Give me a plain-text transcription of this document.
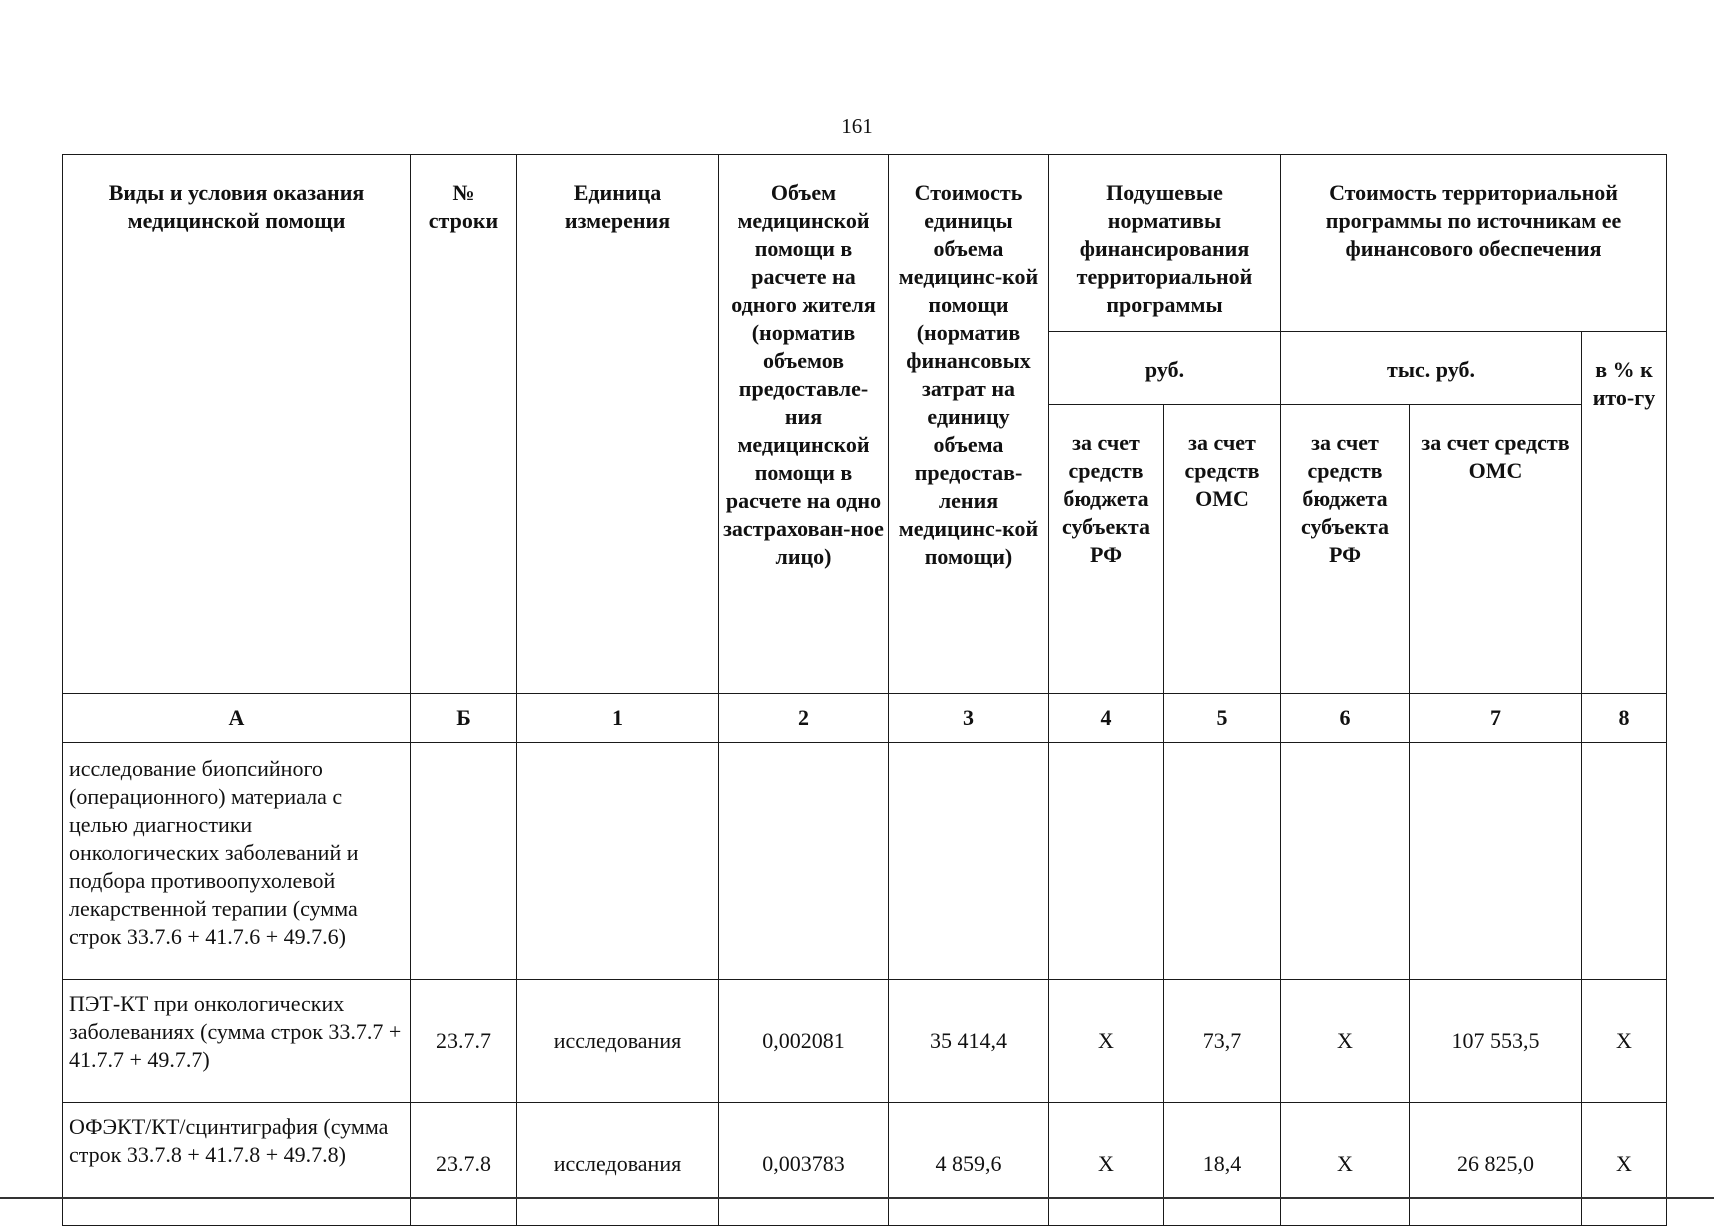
161
Виды и условия оказания медицинской помощи	№ строки	Единица измерения	Объем медицинской помощи в расчете на одного жителя (норматив объемов предоставле-ния медицинской помощи в расчете на одно застрахован-ное лицо)	Стоимость единицы объема медицинс-кой помощи (норматив финансовых затрат на единицу объема предостав-ления медицинс-кой помощи)	Подушевые нормативы финансирования территориальной программы		Стоимость территориальной программы по источникам ее финансового обеспечения		
					руб.		тыс. руб.		в % к ито-гу
					за счет средств бюджета субъекта РФ	за счет средств ОМС	за счет средств бюджета субъекта РФ	за счет средств ОМС	
А	Б	1	2	3	4	5	6	7	8
исследование биопсийного (операционного) материала с целью диагностики онкологических заболеваний и подбора противоопухолевой лекарственной терапии (сумма строк 33.7.6 + 41.7.6 + 49.7.6)									
ПЭТ-КТ при онкологических заболеваниях (сумма строк 33.7.7 + 41.7.7 + 49.7.7)	23.7.7	исследования	0,002081	35 414,4	Х	73,7	Х	107 553,5	Х
ОФЭКТ/КТ/сцинтиграфия (сумма строк 33.7.8 + 41.7.8 + 49.7.8)	23.7.8	исследования	0,003783	4 859,6	Х	18,4	Х	26 825,0	Х
